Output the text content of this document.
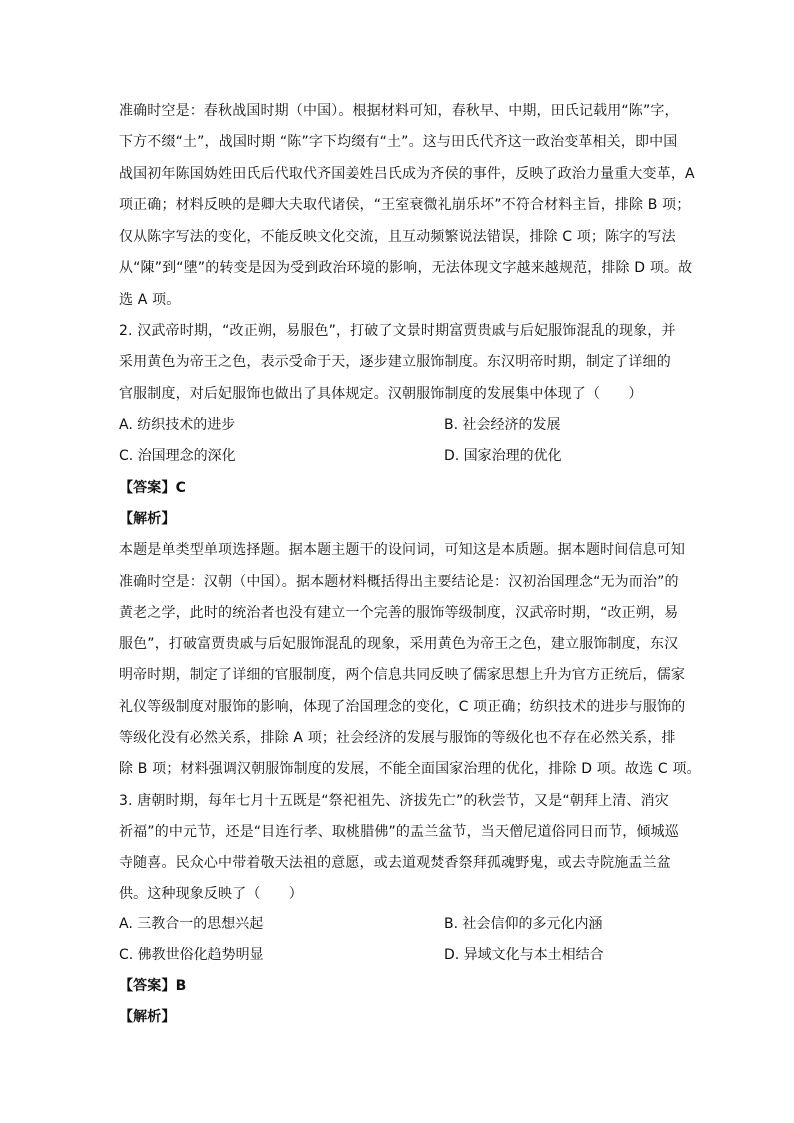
准确时空是：春秋战国时期（中国）。根据材料可知，春秋早、中期，田氏记载用“陈”字，
下方不缀“土”，战国时期 “陈”字下均缀有“土”。这与田氏代齐这一政治变革相关，即中国
战国初年陈国妫姓田氏后代取代齐国姜姓吕氏成为齐侯的事件，反映了政治力量重大变革，A
项正确；材料反映的是卿大夫取代诸侯，“王室衰微礼崩乐坏”不符合材料主旨，排除 B 项；
仅从陈字写法的变化，不能反映文化交流，且互动频繁说法错误，排除 C 项；陈字的写法
从“陳”到“塦”的转变是因为受到政治环境的影响，无法体现文字越来越规范，排除 D 项。故
选 A 项。
2. 汉武帝时期，“改正朔，易服色”，打破了文景时期富贾贵戚与后妃服饰混乱的现象，并
采用黄色为帝王之色，表示受命于天，逐步建立服饰制度。东汉明帝时期，制定了详细的
官服制度，对后妃服饰也做出了具体规定。汉朝服饰制度的发展集中体现了（　　）
A. 纺织技术的进步	B. 社会经济的发展
C. 治国理念的深化	D. 国家治理的优化
【答案】C
【解析】
本题是单类型单项选择题。据本题主题干的设问词，可知这是本质题。据本题时间信息可知
准确时空是：汉朝（中国）。据本题材料概括得出主要结论是：汉初治国理念“无为而治”的
黄老之学，此时的统治者也没有建立一个完善的服饰等级制度，汉武帝时期，“改正朔，易
服色”，打破富贾贵戚与后妃服饰混乱的现象，采用黄色为帝王之色，建立服饰制度，东汉
明帝时期，制定了详细的官服制度，两个信息共同反映了儒家思想上升为官方正统后，儒家
礼仪等级制度对服饰的影响，体现了治国理念的变化，C 项正确；纺织技术的进步与服饰的
等级化没有必然关系，排除 A 项；社会经济的发展与服饰的等级化也不存在必然关系，排
除 B 项；材料强调汉朝服饰制度的发展，不能全面国家治理的优化，排除 D 项。故选 C 项。
3. 唐朝时期，每年七月十五既是“祭祀祖先、济拔先亡”的秋尝节，又是“朝拜上清、消灾
祈福”的中元节，还是“目连行孝、取桃腊佛”的盂兰盆节，当天僧尼道俗同日而节，倾城巡
寺随喜。民众心中带着敬天法祖的意愿，或去道观焚香祭拜孤魂野鬼，或去寺院施盂兰盆
供。这种现象反映了（　　）
A. 三教合一的思想兴起	B. 社会信仰的多元化内涵
C. 佛教世俗化趋势明显	D. 异域文化与本土相结合
【答案】B
【解析】
